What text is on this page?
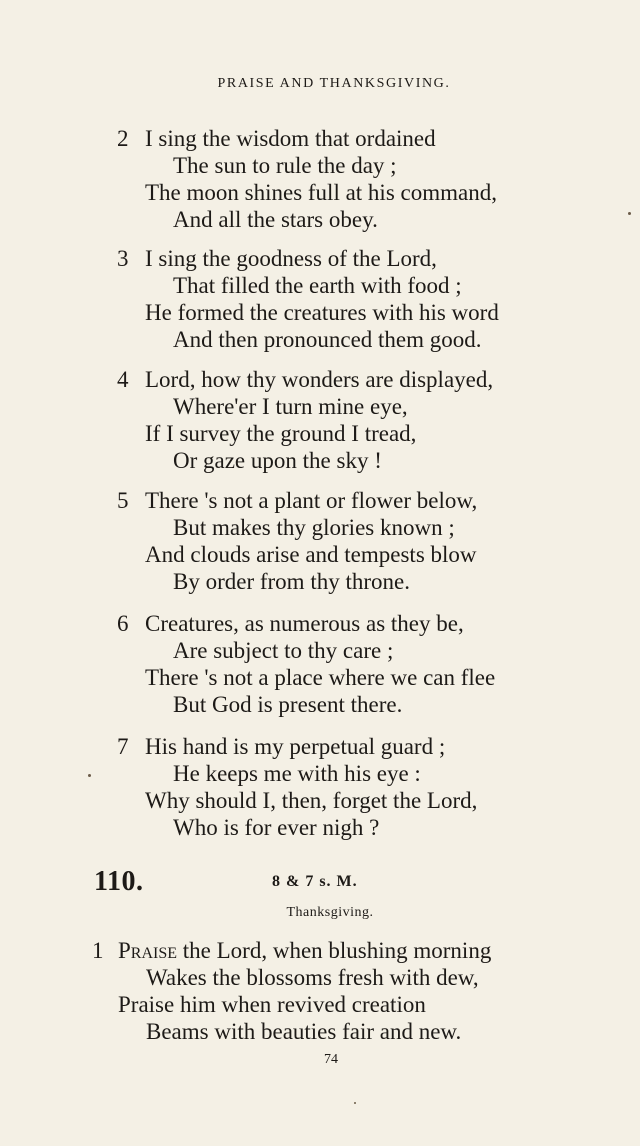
PRAISE AND THANKSGIVING.
2 I sing the wisdom that ordained
The sun to rule the day ;
The moon shines full at his command,
And all the stars obey.
3 I sing the goodness of the Lord,
That filled the earth with food ;
He formed the creatures with his word
And then pronounced them good.
4 Lord, how thy wonders are displayed,
Where'er I turn mine eye,
If I survey the ground I tread,
Or gaze upon the sky !
5 There 's not a plant or flower below,
But makes thy glories known ;
And clouds arise and tempests blow
By order from thy throne.
6 Creatures, as numerous as they be,
Are subject to thy care ;
There 's not a place where we can flee
But God is present there.
7 His hand is my perpetual guard ;
He keeps me with his eye :
Why should I, then, forget the Lord,
Who is for ever nigh ?
110.	8 & 7 s. M.
Thanksgiving.
1 Praise the Lord, when blushing morning
Wakes the blossoms fresh with dew,
Praise him when revived creation
Beams with beauties fair and new.
74
